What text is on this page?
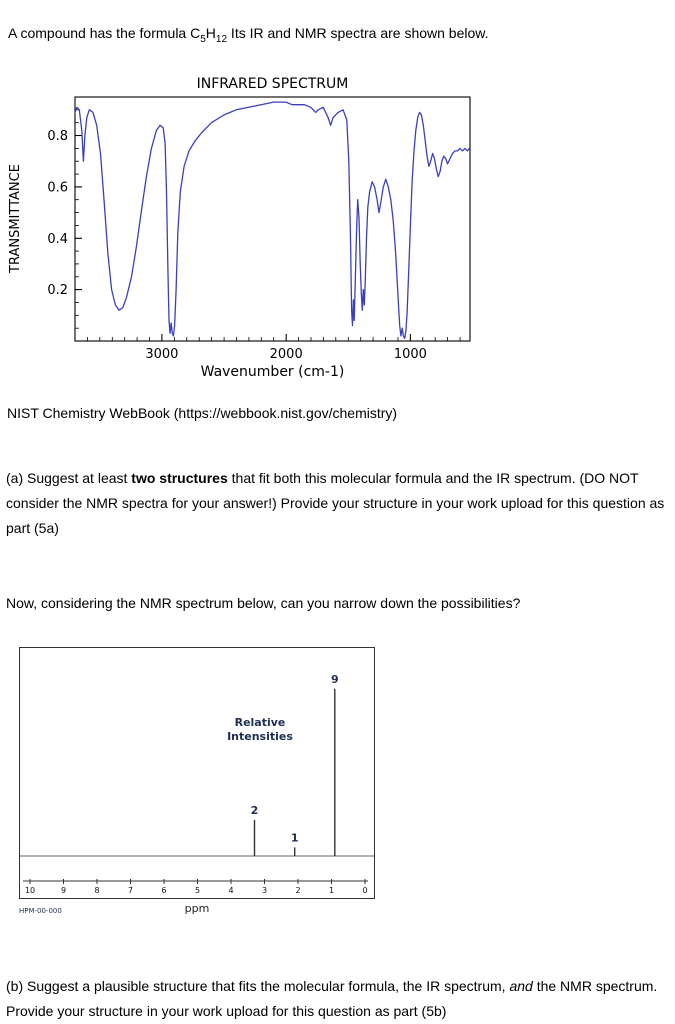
A compound has the formula $C_5H_{12}$ Its IR and NMR spectra are shown below.

INFRARED SPECTRUM
TRANSMITTANCE
0.2
0.4
0.6
0.8
3000	2000	1000
Wavenumber (cm-1)

NIST Chemistry WebBook (https://webbook.nist.gov/chemistry)

(a) Suggest at least two structures that fit both this molecular formula and the IR spectrum. (DO NOT consider the NMR spectra for your answer!) Provide your structure in your work upload for this question as part (5a)

Now, considering the NMR spectrum below, can you narrow down the possibilities?

10	9	8	7	6	5	4	3	2	1	0
2
1
9
Relative
Intensities
HPM-00-000	ppm

(b) Suggest a plausible structure that fits the molecular formula, the IR spectrum, and the NMR spectrum. Provide your structure in your work upload for this question as part (5b)
